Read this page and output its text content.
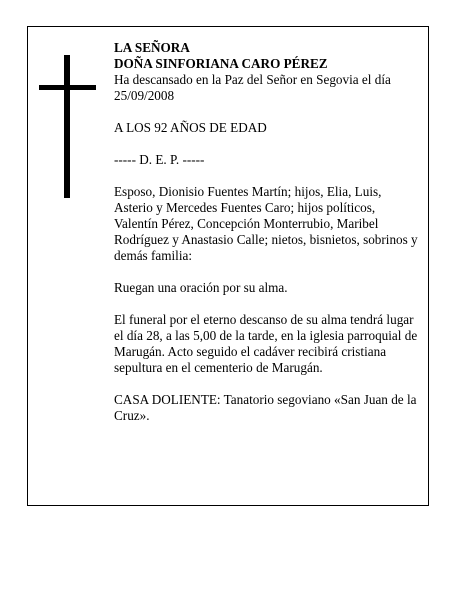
LA SEÑORA

DOÑA SINFORIANA CARO PÉREZ

Ha descansado en la Paz del Señor en Segovia el día 25/09/2008

A LOS 92 AÑOS DE EDAD

----- D. E. P. -----

Esposo, Dionisio Fuentes Martín; hijos, Elia, Luis, Asterio y Mercedes Fuentes Caro; hijos políticos, Valentín Pérez, Concepción Monterrubio, Maribel Rodríguez y Anastasio Calle; nietos, bisnietos, sobrinos y demás familia:

Ruegan una oración por su alma.

El funeral por el eterno descanso de su alma tendrá lugar el día 28, a las 5,00 de la tarde, en la iglesia parroquial de Marugán. Acto seguido el cadáver recibirá cristiana sepultura en el cementerio de Marugán.

CASA DOLIENTE: Tanatorio segoviano «San Juan de la Cruz».
